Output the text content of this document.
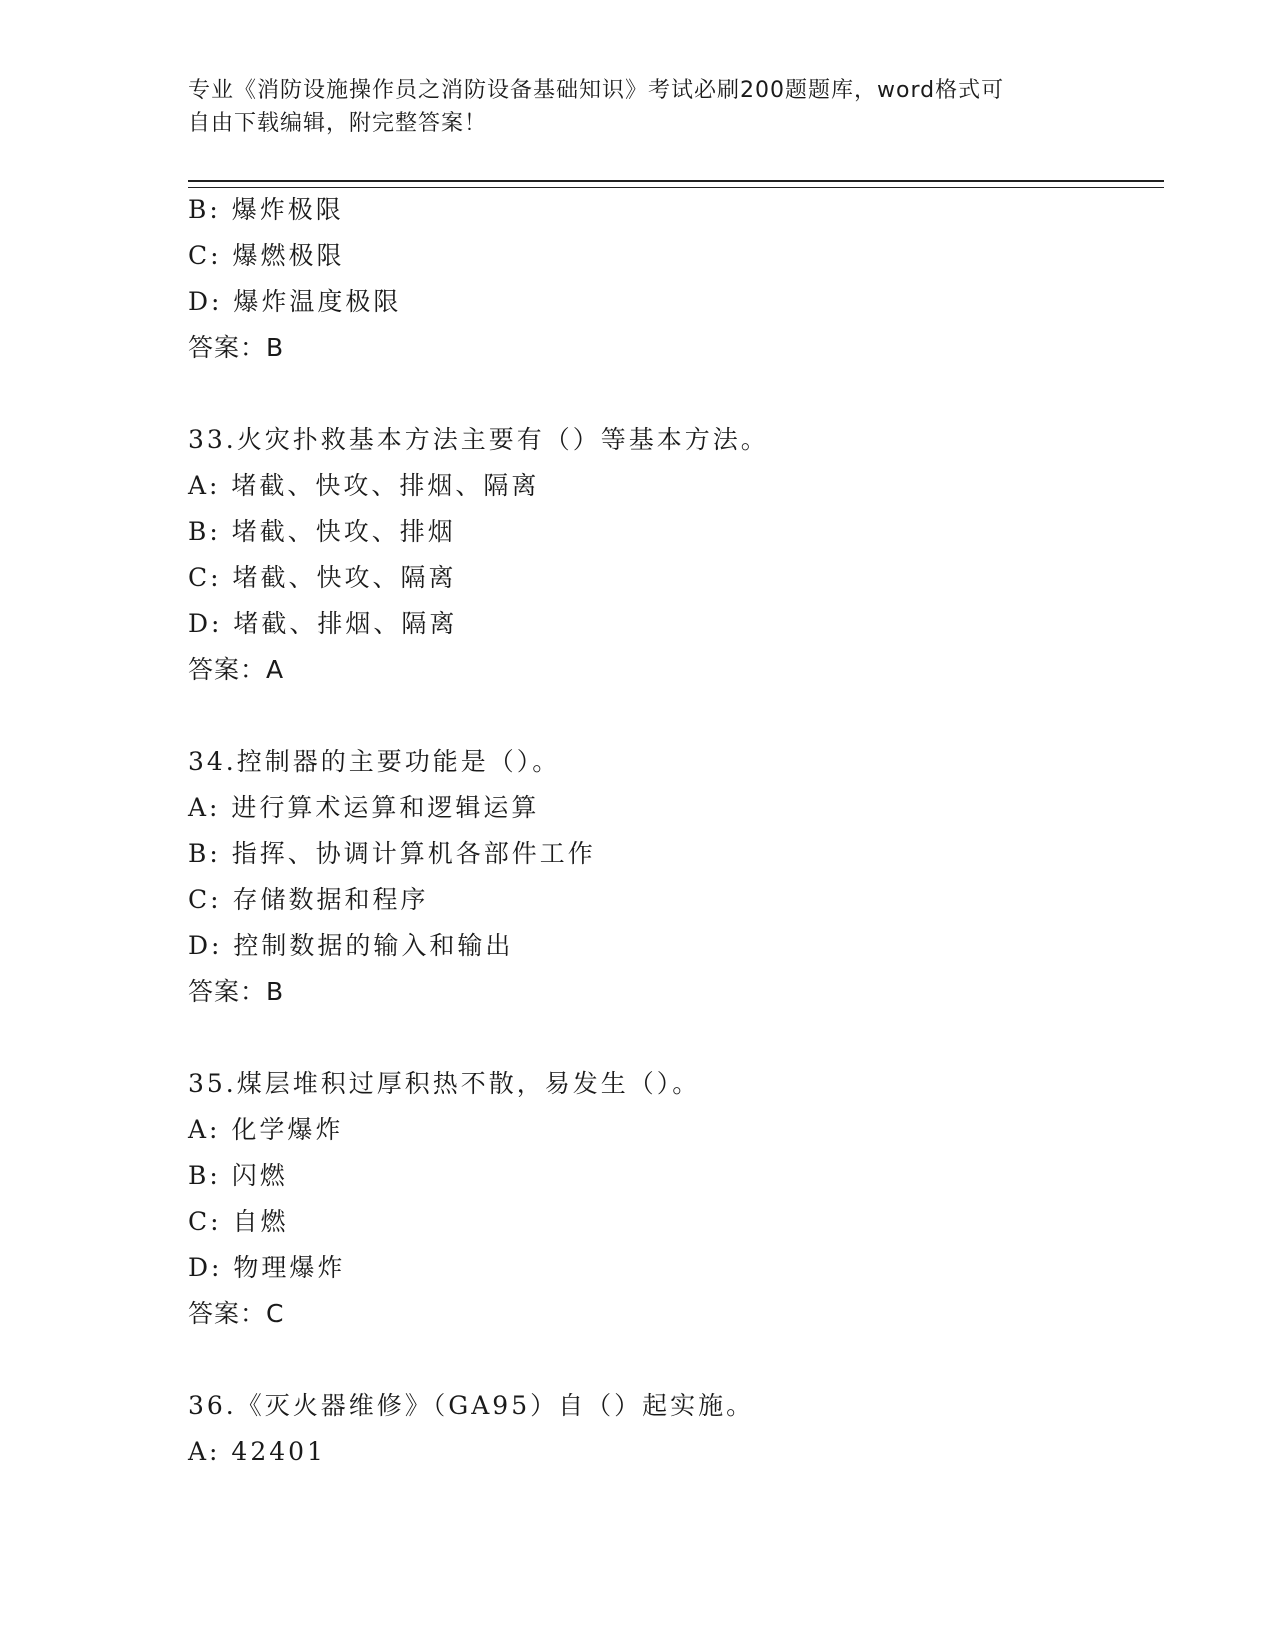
专业《消防设施操作员之消防设备基础知识》考试必刷200题题库，word格式可
自由下载编辑，附完整答案！
B: 爆炸极限
C: 爆燃极限
D: 爆炸温度极限
答案：B
33.火灾扑救基本方法主要有（）等基本方法。
A: 堵截、快攻、排烟、隔离
B: 堵截、快攻、排烟
C: 堵截、快攻、隔离
D: 堵截、排烟、隔离
答案：A
34.控制器的主要功能是（）。
A: 进行算术运算和逻辑运算
B: 指挥、协调计算机各部件工作
C: 存储数据和程序
D: 控制数据的输入和输出
答案：B
35.煤层堆积过厚积热不散，易发生（）。
A: 化学爆炸
B: 闪燃
C: 自燃
D: 物理爆炸
答案：C
36.《灭火器维修》（GA95）自（）起实施。
A: 42401
